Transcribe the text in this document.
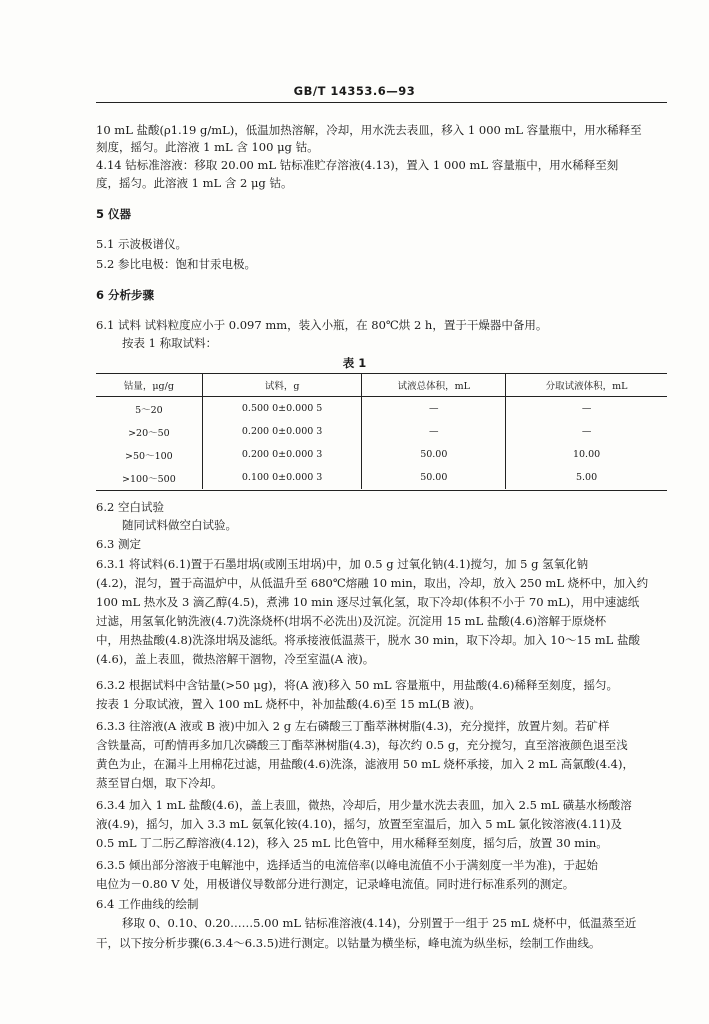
GB/T 14353.6—93
10 mL 盐酸(ρ1.19 g/mL)，低温加热溶解，冷却，用水洗去表皿，移入 1 000 mL 容量瓶中，用水稀释至
刻度，摇匀。此溶液 1 mL 含 100 μg 钴。
4.14 钴标准溶液：移取 20.00 mL 钴标准贮存溶液(4.13)，置入 1 000 mL 容量瓶中，用水稀释至刻
度，摇匀。此溶液 1 mL 含 2 μg 钴。
5 仪器
5.1 示波极谱仪。
5.2 参比电极：饱和甘汞电极。
6 分析步骤
6.1 试料 试料粒度应小于 0.097 mm，装入小瓶，在 80℃烘 2 h，置于干燥器中备用。
按表 1 称取试料：
表 1
钴量，μg/g	试料，g	试液总体积，mL	分取试液体积，mL
5～20	0.500 0±0.000 5	—	—
>20～50	0.200 0±0.000 3	—	—
>50～100	0.200 0±0.000 3	50.00	10.00
>100～500	0.100 0±0.000 3	50.00	5.00
6.2 空白试验
随同试料做空白试验。
6.3 测定
6.3.1 将试料(6.1)置于石墨坩埚(或刚玉坩埚)中，加 0.5 g 过氧化钠(4.1)搅匀，加 5 g 氢氧化钠
(4.2)，混匀，置于高温炉中，从低温升至 680℃熔融 10 min，取出，冷却，放入 250 mL 烧杯中，加入约
100 mL 热水及 3 滴乙醇(4.5)，煮沸 10 min 逐尽过氧化氢，取下冷却(体积不小于 70 mL)，用中速滤纸
过滤，用氢氧化钠洗液(4.7)洗涤烧杯(坩埚不必洗出)及沉淀。沉淀用 15 mL 盐酸(4.6)溶解于原烧杯
中，用热盐酸(4.8)洗涤坩埚及滤纸。将承接液低温蒸干，脱水 30 min，取下冷却。加入 10～15 mL 盐酸
(4.6)，盖上表皿，微热溶解干涸物，冷至室温(A 液)。
6.3.2 根据试料中含钴量(>50 μg)，将(A 液)移入 50 mL 容量瓶中，用盐酸(4.6)稀释至刻度，摇匀。
按表 1 分取试液，置入 100 mL 烧杯中，补加盐酸(4.6)至 15 mL(B 液)。
6.3.3 往溶液(A 液或 B 液)中加入 2 g 左右磷酸三丁酯萃淋树脂(4.3)，充分搅拌，放置片刻。若矿样
含铁量高，可酌情再多加几次磷酸三丁酯萃淋树脂(4.3)，每次约 0.5 g，充分搅匀，直至溶液颜色退至浅
黄色为止，在漏斗上用棉花过滤，用盐酸(4.6)洗涤，滤液用 50 mL 烧杯承接，加入 2 mL 高氯酸(4.4)，
蒸至冒白烟，取下冷却。
6.3.4 加入 1 mL 盐酸(4.6)，盖上表皿，微热，冷却后，用少量水洗去表皿，加入 2.5 mL 磺基水杨酸溶
液(4.9)，摇匀，加入 3.3 mL 氨氧化铵(4.10)，摇匀，放置至室温后，加入 5 mL 氯化铵溶液(4.11)及
0.5 mL 丁二肟乙醇溶液(4.12)，移入 25 mL 比色管中，用水稀释至刻度，摇匀后，放置 30 min。
6.3.5 倾出部分溶液于电解池中，选择适当的电流倍率(以峰电流值不小于满刻度一半为准)，于起始
电位为－0.80 V 处，用极谱仪导数部分进行测定，记录峰电流值。同时进行标准系列的测定。
6.4 工作曲线的绘制
移取 0、0.10、0.20……5.00 mL 钴标准溶液(4.14)，分别置于一组于 25 mL 烧杯中，低温蒸至近
干，以下按分析步骤(6.3.4～6.3.5)进行测定。以钴量为横坐标，峰电流为纵坐标，绘制工作曲线。
